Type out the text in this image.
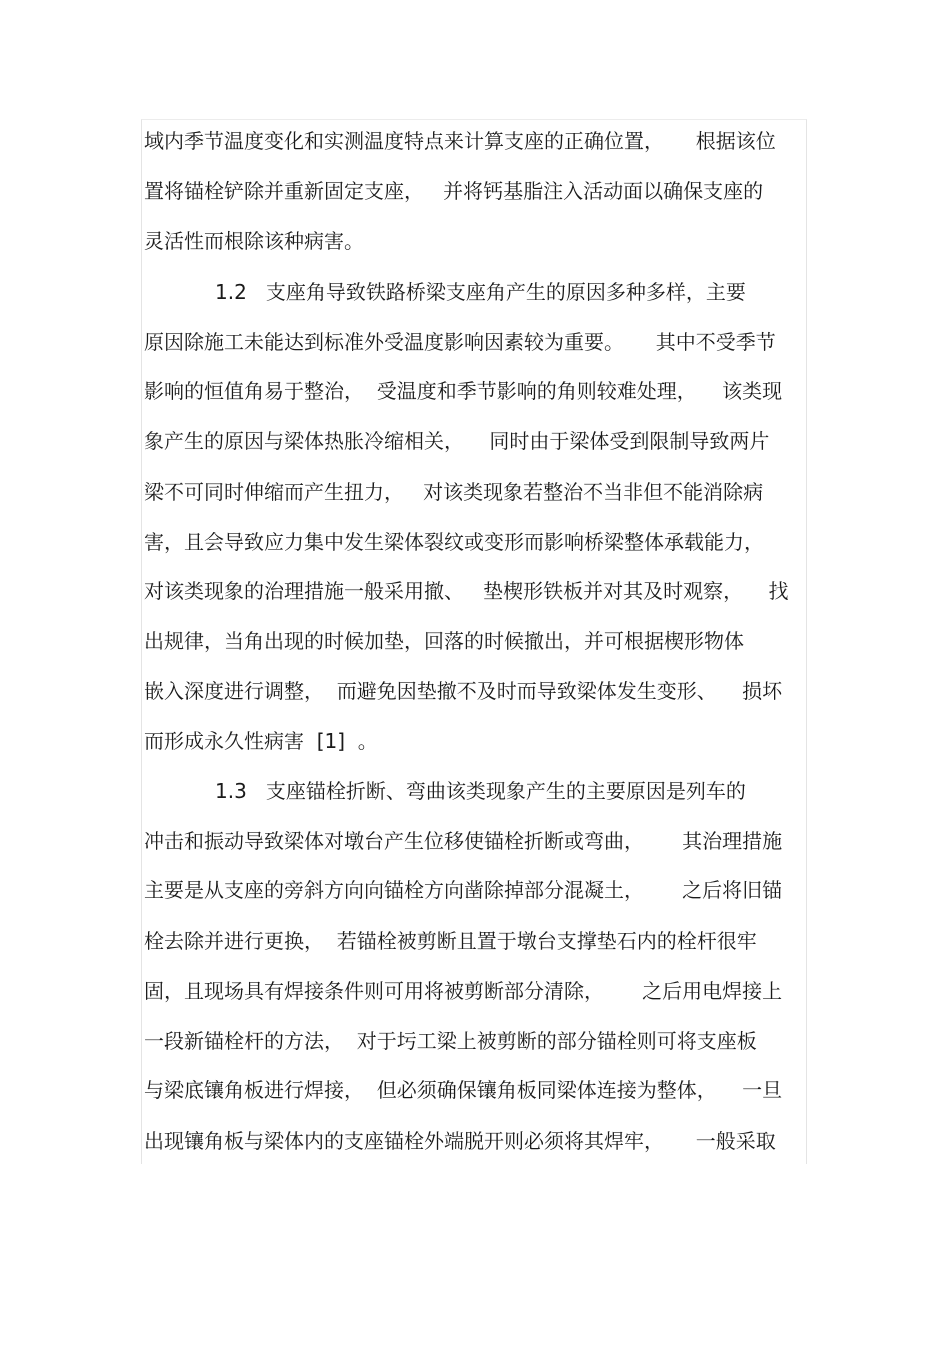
域内季节温度变化和实测温度特点来计算支座的正确位置，     根据该位
置将锚栓铲除并重新固定支座，   并将钙基脂注入活动面以确保支座的
灵活性而根除该种病害。
1.2   支座角导致铁路桥梁支座角产生的原因多种多样，主要
原因除施工未能达到标准外受温度影响因素较为重要。     其中不受季节
影响的恒值角易于整治，  受温度和季节影响的角则较难处理，    该类现
象产生的原因与梁体热胀冷缩相关，    同时由于梁体受到限制导致两片
梁不可同时伸缩而产生扭力，   对该类现象若整治不当非但不能消除病
害，且会导致应力集中发生梁体裂纹或变形而影响桥梁整体承载能力，
对该类现象的治理措施一般采用撤、   垫楔形铁板并对其及时观察，    找
出规律，当角出现的时候加垫，回落的时候撤出，并可根据楔形物体
嵌入深度进行调整，  而避免因垫撤不及时而导致梁体发生变形、    损坏
而形成永久性病害  [1]  。
1.3   支座锚栓折断、弯曲该类现象产生的主要原因是列车的
冲击和振动导致梁体对墩台产生位移使锚栓折断或弯曲，      其治理措施
主要是从支座的旁斜方向向锚栓方向凿除掉部分混凝土，      之后将旧锚
栓去除并进行更换，  若锚栓被剪断且置于墩台支撑垫石内的栓杆很牢
固，且现场具有焊接条件则可用将被剪断部分清除，      之后用电焊接上
一段新锚栓杆的方法，  对于圬工梁上被剪断的部分锚栓则可将支座板
与梁底镶角板进行焊接，  但必须确保镶角板同梁体连接为整体，    一旦
出现镶角板与梁体内的支座锚栓外端脱开则必须将其焊牢，     一般采取
